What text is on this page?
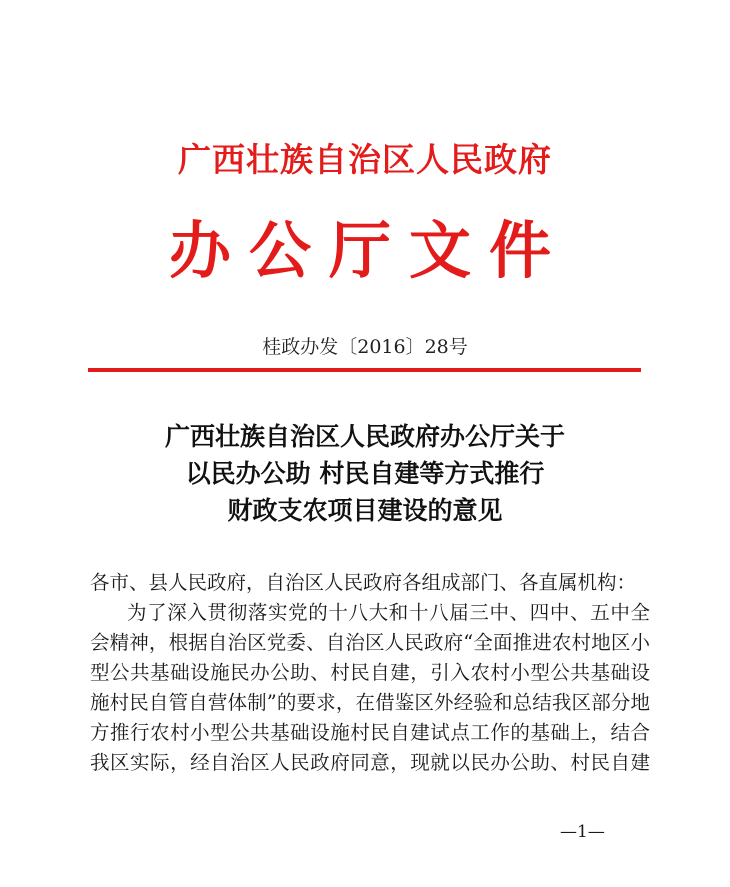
广西壮族自治区人民政府
办公厅文件
桂政办发〔2016〕28号
广西壮族自治区人民政府办公厅关于
以民办公助 村民自建等方式推行
财政支农项目建设的意见
各市、县人民政府，自治区人民政府各组成部门、各直属机构：
为了深入贯彻落实党的十八大和十八届三中、四中、五中全
会精神，根据自治区党委、自治区人民政府“全面推进农村地区小
型公共基础设施民办公助、村民自建，引入农村小型公共基础设
施村民自管自营体制”的要求，在借鉴区外经验和总结我区部分地
方推行农村小型公共基础设施村民自建试点工作的基础上，结合
我区实际，经自治区人民政府同意，现就以民办公助、村民自建
—1—
